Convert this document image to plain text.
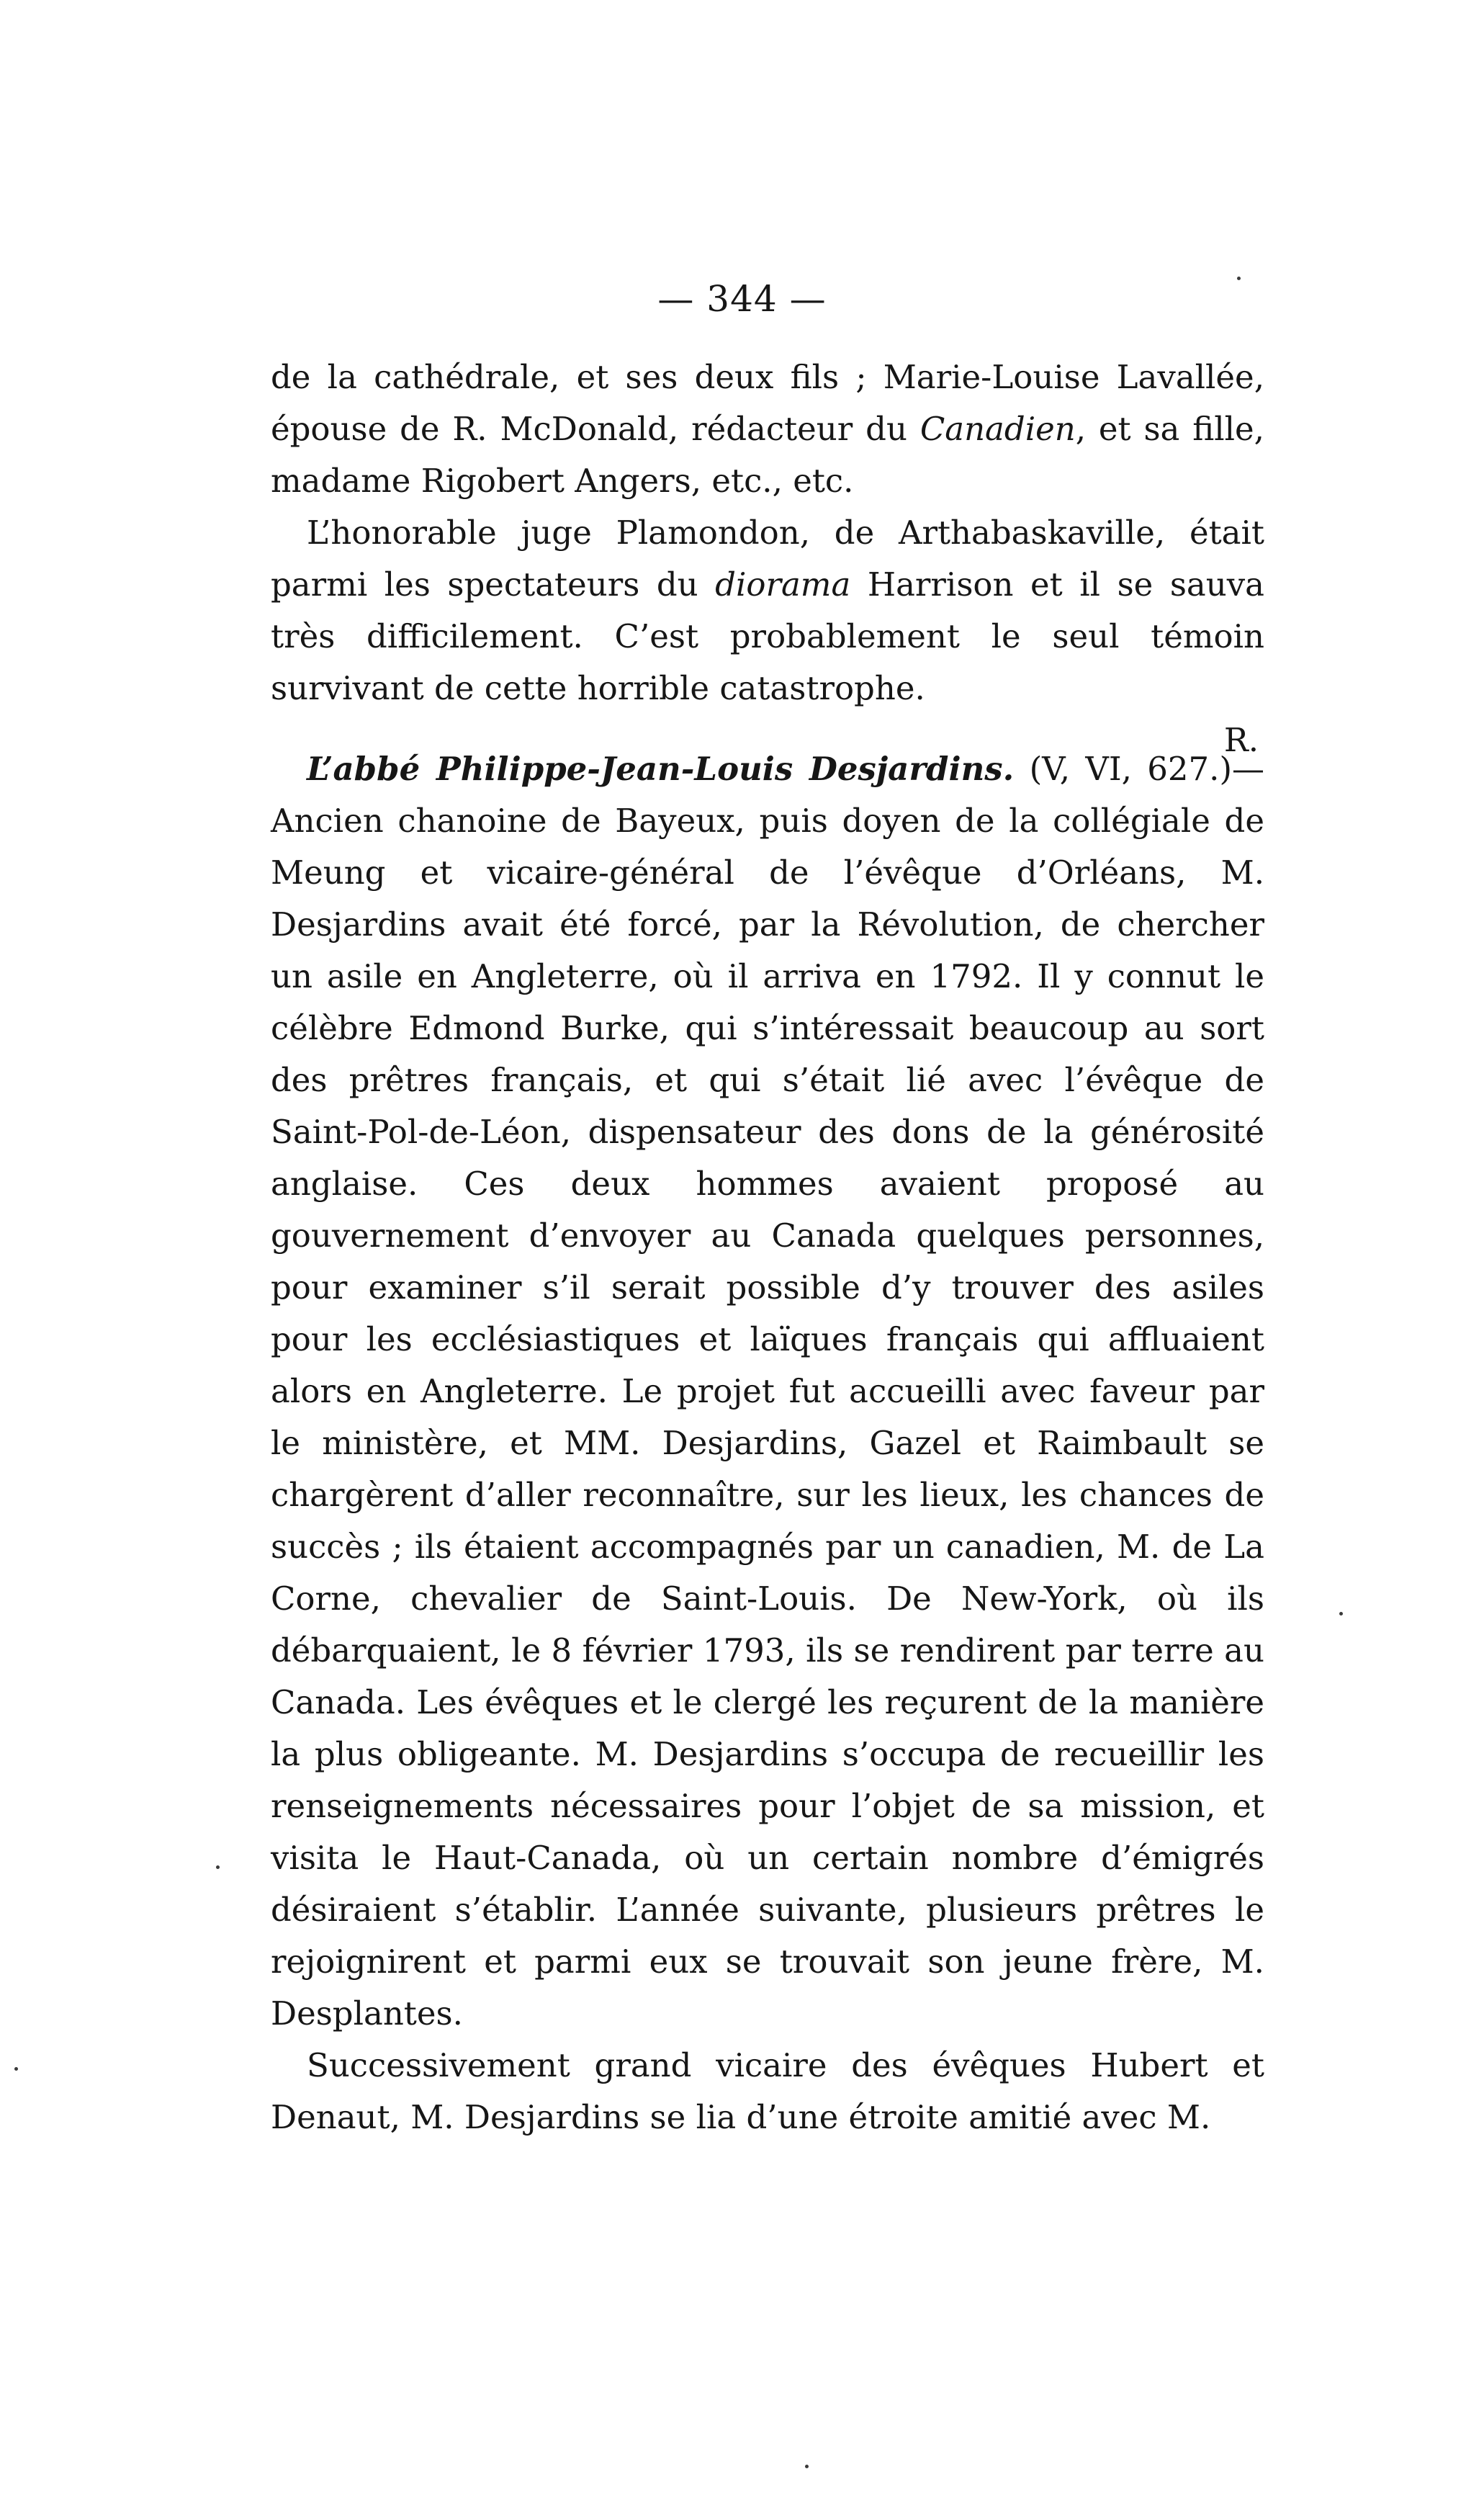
— 344 —

de la cathédrale, et ses deux fils ; Marie-Louise Lavallée, épouse de R. McDonald, rédacteur du Canadien, et sa fille, madame Rigobert Angers, etc., etc.

L’honorable juge Plamondon, de Arthabaskaville, était parmi les spectateurs du diorama Harrison et il se sauva très difficilement. C’est probablement le seul témoin survivant de cette horrible catastrophe.

R.

L’abbé Philippe-Jean-Louis Desjardins. (V, VI, 627.)—Ancien chanoine de Bayeux, puis doyen de la collégiale de Meung et vicaire-général de l’évêque d’Orléans, M. Desjardins avait été forcé, par la Révolution, de chercher un asile en Angleterre, où il arriva en 1792. Il y connut le célèbre Edmond Burke, qui s’intéressait beaucoup au sort des prêtres français, et qui s’était lié avec l’évêque de Saint-Pol-de-Léon, dispensateur des dons de la générosité anglaise. Ces deux hommes avaient proposé au gouvernement d’envoyer au Canada quelques personnes, pour examiner s’il serait possible d’y trouver des asiles pour les ecclésiastiques et laïques français qui affluaient alors en Angleterre. Le projet fut accueilli avec faveur par le ministère, et MM. Desjardins, Gazel et Raimbault se chargèrent d’aller reconnaître, sur les lieux, les chances de succès ; ils étaient accompagnés par un canadien, M. de La Corne, chevalier de Saint-Louis. De New-York, où ils débarquaient, le 8 février 1793, ils se rendirent par terre au Canada. Les évêques et le clergé les reçurent de la manière la plus obligeante. M. Desjardins s’occupa de recueillir les renseignements nécessaires pour l’objet de sa mission, et visita le Haut-Canada, où un certain nombre d’émigrés désiraient s’établir. L’année suivante, plusieurs prêtres le rejoignirent et parmi eux se trouvait son jeune frère, M. Desplantes.

Successivement grand vicaire des évêques Hubert et Denaut, M. Desjardins se lia d’une étroite amitié avec M.
